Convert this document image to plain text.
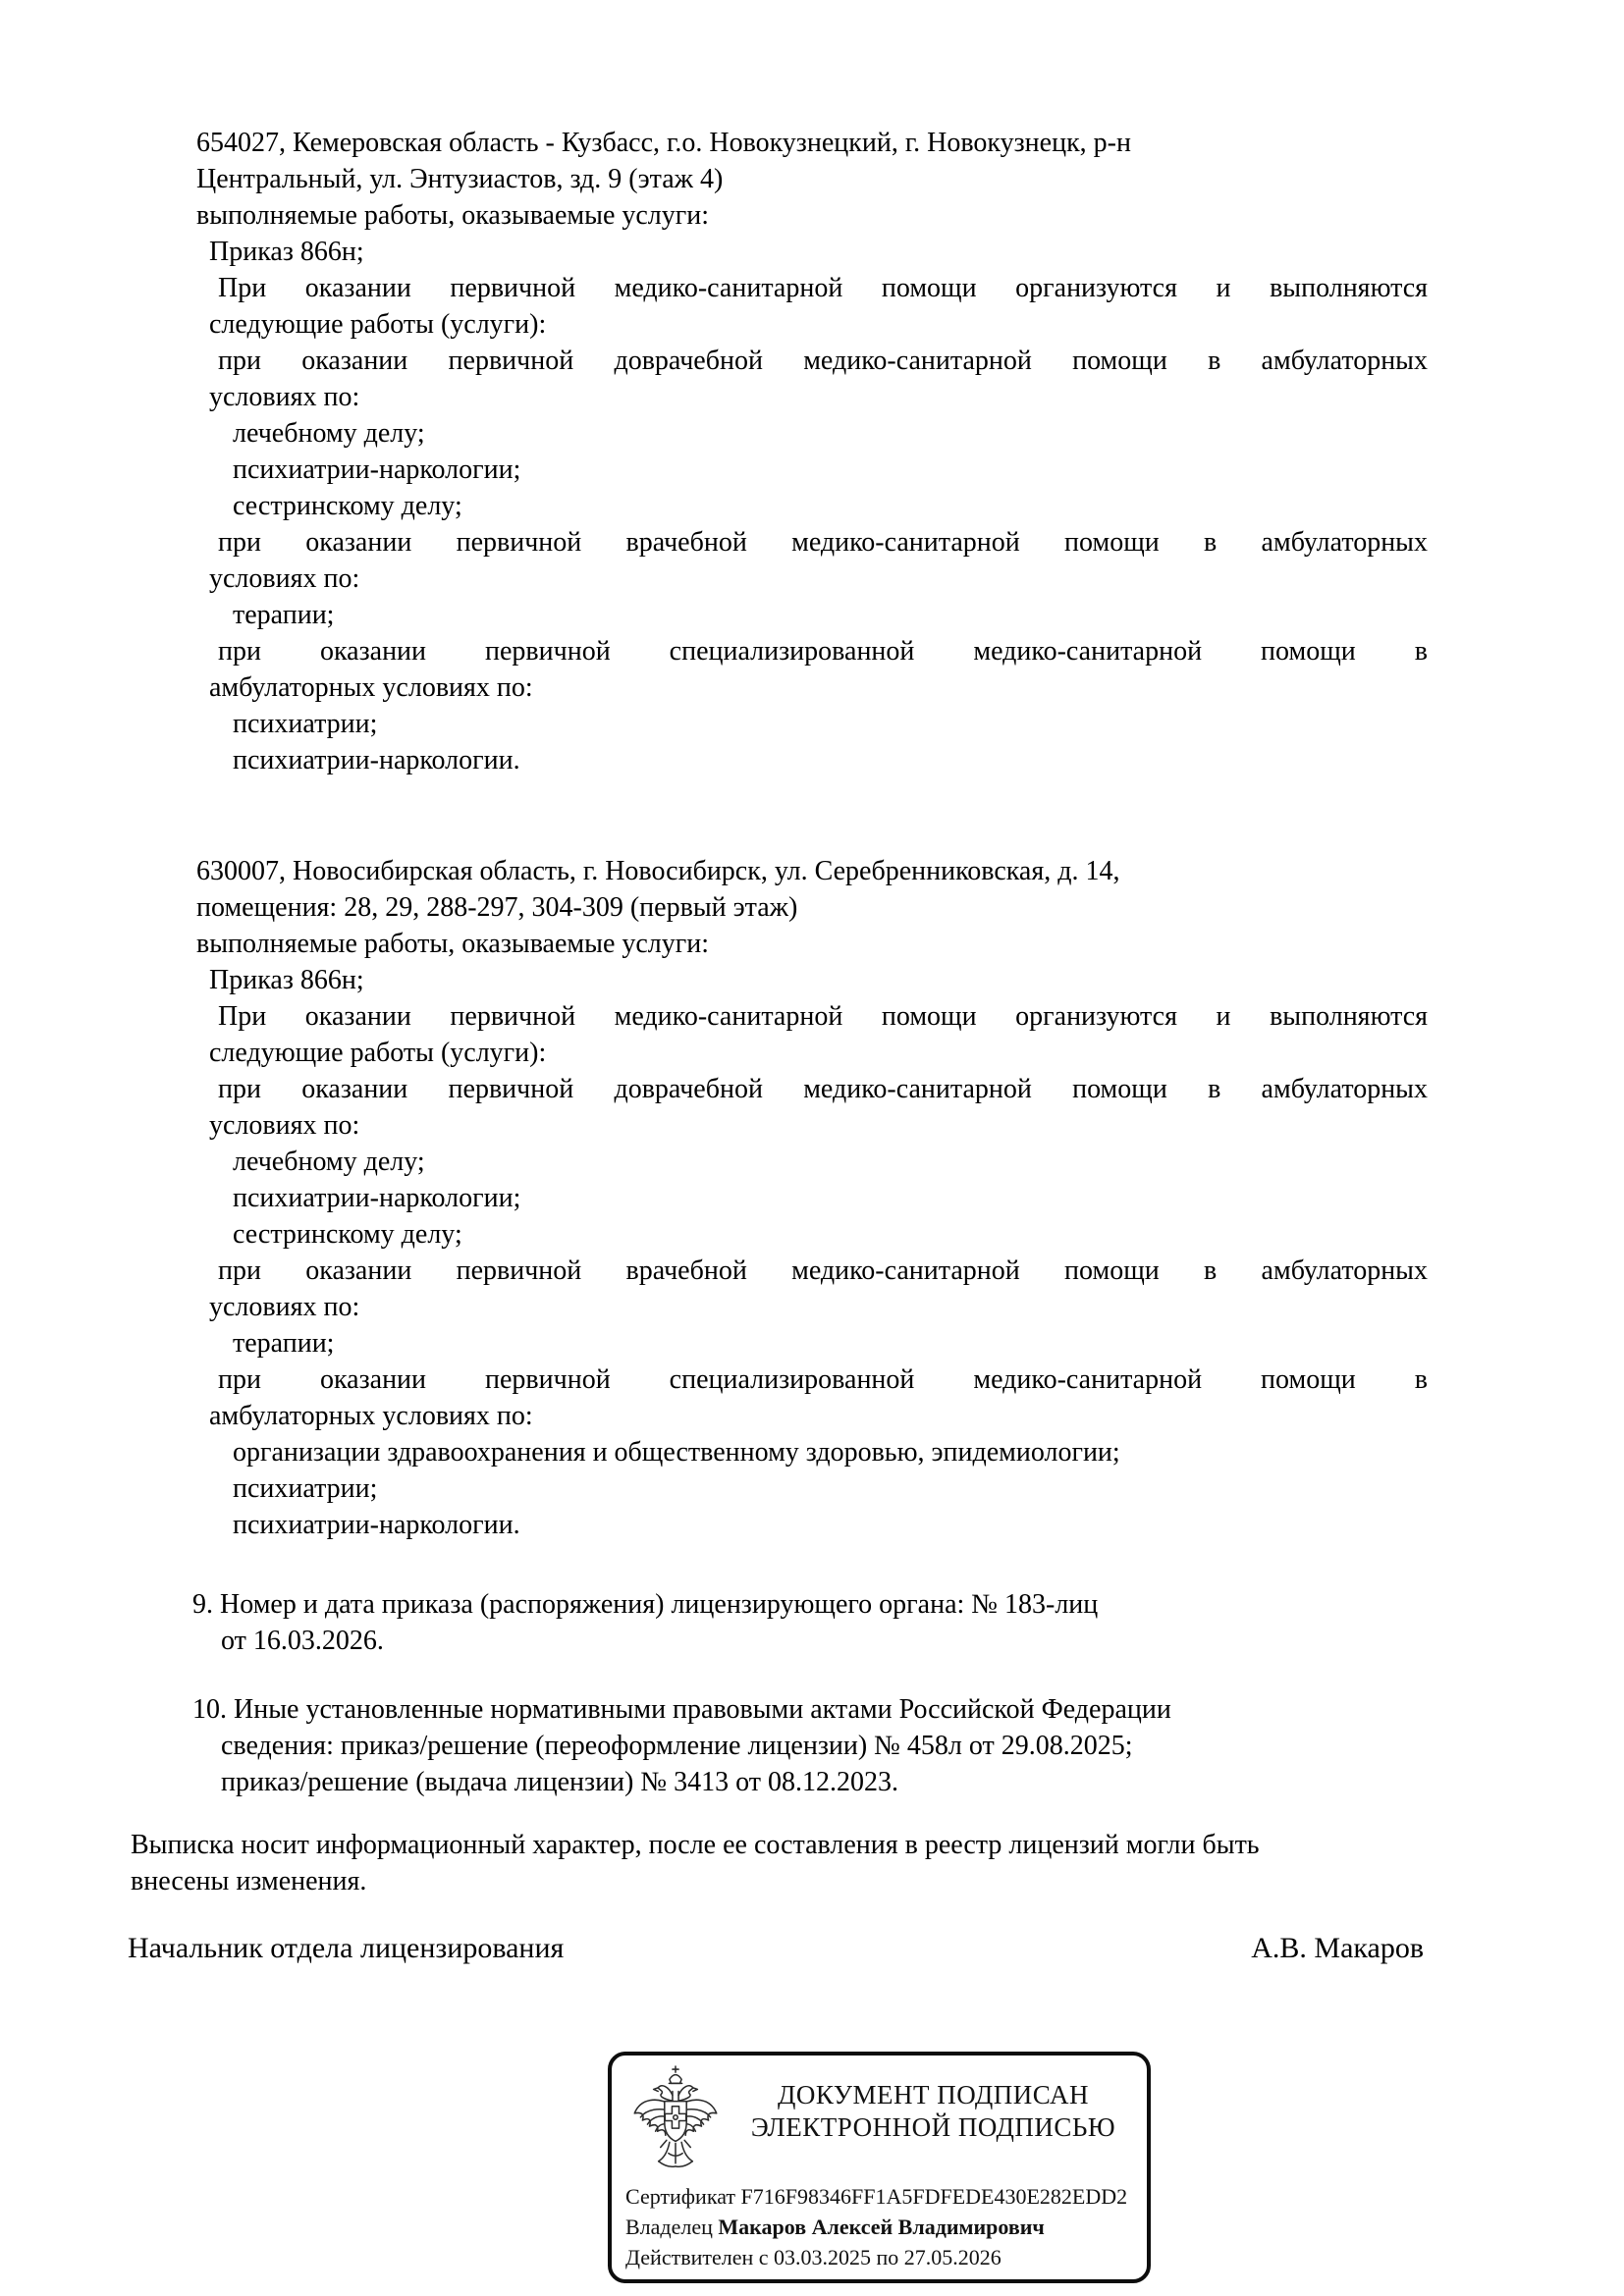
654027, Кемеровская область - Кузбасс, г.о. Новокузнецкий, г. Новокузнецк, р-н
Центральный, ул. Энтузиастов, зд. 9 (этаж 4)
выполняемые работы, оказываемые услуги:
Приказ 866н;
При оказании первичной медико-санитарной помощи организуются и выполняются
следующие работы (услуги):
при оказании первичной доврачебной медико-санитарной помощи в амбулаторных
условиях по:
лечебному делу;
психиатрии-наркологии;
сестринскому делу;
при оказании первичной врачебной медико-санитарной помощи в амбулаторных
условиях по:
терапии;
при оказании первичной специализированной медико-санитарной помощи в
амбулаторных условиях по:
психиатрии;
психиатрии-наркологии.
630007, Новосибирская область, г. Новосибирск, ул. Серебренниковская, д. 14,
помещения: 28, 29, 288-297, 304-309 (первый этаж)
выполняемые работы, оказываемые услуги:
Приказ 866н;
При оказании первичной медико-санитарной помощи организуются и выполняются
следующие работы (услуги):
при оказании первичной доврачебной медико-санитарной помощи в амбулаторных
условиях по:
лечебному делу;
психиатрии-наркологии;
сестринскому делу;
при оказании первичной врачебной медико-санитарной помощи в амбулаторных
условиях по:
терапии;
при оказании первичной специализированной медико-санитарной помощи в
амбулаторных условиях по:
организации здравоохранения и общественному здоровью, эпидемиологии;
психиатрии;
психиатрии-наркологии.
9. Номер и дата приказа (распоряжения) лицензирующего органа: № 183-лиц
от 16.03.2026.
10. Иные установленные нормативными правовыми актами Российской Федерации
сведения: приказ/решение (переоформление лицензии) № 458л от 29.08.2025;
приказ/решение (выдача лицензии) № 3413 от 08.12.2023.
Выписка носит информационный характер, после ее составления в реестр лицензий могли быть
внесены изменения.
Начальник отдела лицензирования	А.В. Макаров
ДОКУМЕНТ ПОДПИСАН
ЭЛЕКТРОННОЙ ПОДПИСЬЮ
Сертификат F716F98346FF1A5FDFEDE430E282EDD2
Владелец Макаров Алексей Владимирович
Действителен с 03.03.2025 по 27.05.2026
